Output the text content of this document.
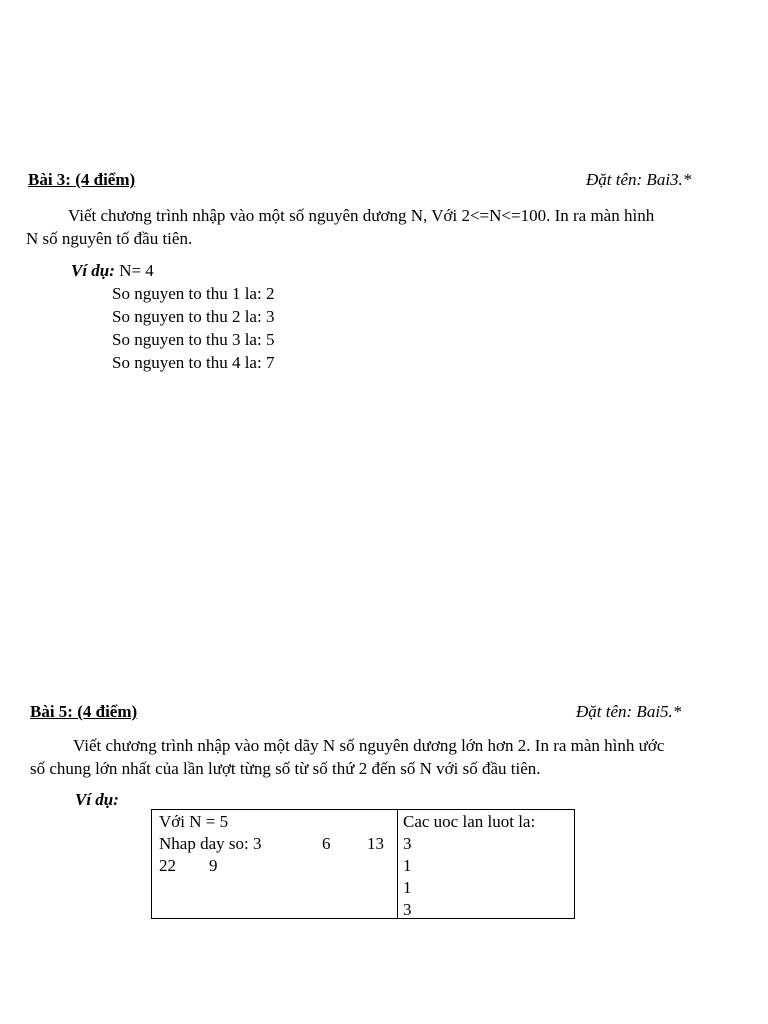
Bài 3: (4 điểm)	Đặt tên: Bai3.*
Viết chương trình nhập vào một số nguyên dương N, Với 2<=N<=100. In ra màn hình
N số nguyên tố đầu tiên.
Ví dụ: N= 4
So nguyen to thu 1 la: 2
So nguyen to thu 2 la: 3
So nguyen to thu 3 la: 5
So nguyen to thu 4 la: 7
Bài 5: (4 điểm)	Đặt tên: Bai5.*
Viết chương trình nhập vào một dãy N số nguyên dương lớn hơn 2. In ra màn hình ước
số chung lớn nhất của lần lượt từng số từ số thứ 2 đến số N với số đầu tiên.
Ví dụ:
Với N = 5
Nhap day so: 3	6 13
22 9
Cac uoc lan luot la:
3
1
1
3
